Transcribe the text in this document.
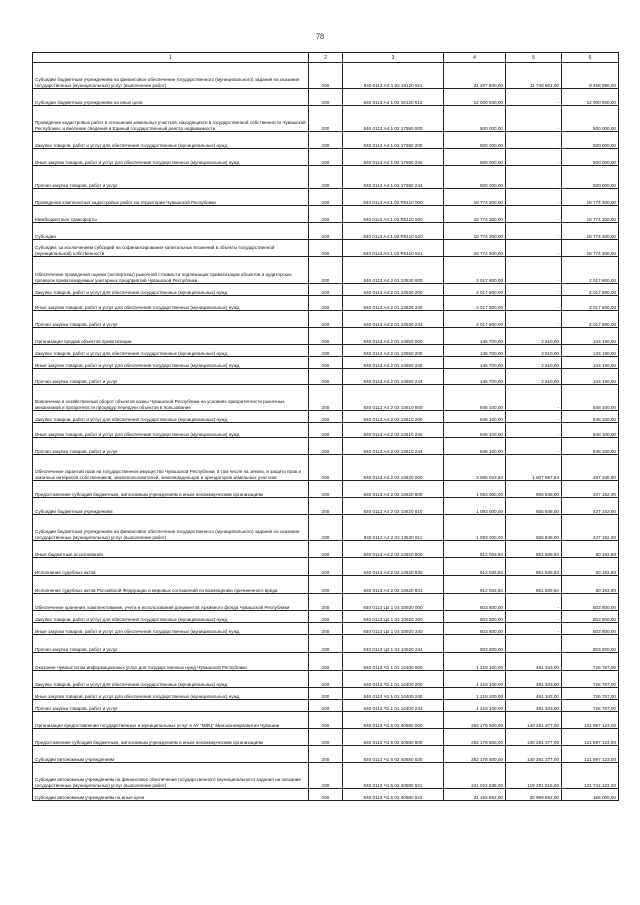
78
1	2	3	4	5	6
Субсидии бюджетным учреждениям на финансовое обеспечение государственного (муниципального) задания на оказание государственных (муниципальных) услуг (выполнение работ)	200	840 0113 А4 1 02 18120 611	21 207 800,00	11 748 601,00	9 458 998,00
Субсидии бюджетным учреждениям на иные цели	200	840 0113 А4 1 02 18120 612	12 000 000,00	-	12 000 000,00
Проведение кадастровых работ в отношении земельных участков, находящихся в государственной собственности Чувашской Республики, и внесение сведений в Единый государственный реестр недвижимости	200	840 0113 А4 1 02 17590 000	500 000,00	-	500 000,00
Закупка товаров, работ и услуг для обеспечения государственных (муниципальных) нужд	200	840 0113 А4 1 02 17590 200	500 000,00	-	500 000,00
Иные закупки товаров, работ и услуг для обеспечения государственных (муниципальных) нужд	200	840 0113 А4 1 02 17590 240	500 000,00	-	500 000,00
Прочая закупка товаров, работ и услуг	200	840 0113 А4 1 02 17590 244	500 000,00	-	500 000,00
Проведение комплексных кадастровых работ на территории Чувашской Республики	200	840 0113 А4 1 02 R5110 000	18 774 300,00	-	18 774 300,00
Межбюджетные трансферты	200	840 0113 А4 1 02 R5110 500	18 774 300,00	-	18 774 300,00
Субсидии	200	840 0113 А4 1 02 R5110 520	18 774 300,00	-	18 774 300,00
Субсидии, за исключением субсидий на софинансирование капитальных вложений в объекты государственной (муниципальной) собственности	200	840 0113 А4 1 02 R5110 521	18 774 300,00	-	18 774 300,00
Обеспечение проведения оценки (экспертизы) рыночной стоимости подлежащих приватизации объектов и аудиторских проверок приватизируемых унитарных предприятий Чувашской Республики	200	840 0113 А4 2 01 13530 000	2 017 800,00	-	2 017 800,00
Закупка товаров, работ и услуг для обеспечения государственных (муниципальных) нужд	200	840 0113 А4 2 01 13530 200	2 017 800,00	-	2 017 800,00
Иные закупки товаров, работ и услуг для обеспечения государственных (муниципальных) нужд	200	840 0113 А4 2 01 13530 240	2 017 800,00	-	2 017 800,00
Прочая закупка товаров, работ и услуг	200	840 0113 А4 2 01 13530 244	2 017 800,00	-	2 017 800,00
Организация продаж объектов приватизации	200	840 0113 А4 2 01 13550 000	136 700,00	3 510,00	133 190,00
Закупка товаров, работ и услуг для обеспечения государственных (муниципальных) нужд	200	840 0113 А4 2 01 13550 200	136 700,00	3 510,00	133 190,00
Иные закупки товаров, работ и услуг для обеспечения государственных (муниципальных) нужд	200	840 0113 А4 2 01 13550 240	136 700,00	3 510,00	133 190,00
Прочая закупка товаров, работ и услуг	200	840 0113 А4 2 01 13550 244	136 700,00	3 510,00	133 190,00
Вовлечение в хозяйственный оборот объектов казны Чувашской Республики на условиях приоритетности рыночных механизмов и прозрачности процедур передачи объектов в пользование	200	840 0113 А4 2 02 13610 000	848 100,00	-	848 100,00
Закупка товаров, работ и услуг для обеспечения государственных (муниципальных) нужд	200	840 0113 А4 2 02 13610 200	848 100,00	-	848 100,00
Иные закупки товаров, работ и услуг для обеспечения государственных (муниципальных) нужд	200	840 0113 А4 2 02 13610 240	848 100,00	-	848 100,00
Прочая закупка товаров, работ и услуг	200	840 0113 А4 2 02 13610 244	848 100,00	-	848 100,00
Обеспечение гарантий прав на государственное имущество Чувашской Республики, в том числе на землю, и защита прав и законных интересов собственников, землепользователей, землевладельцев и арендаторов земельных участков	200	840 0113 А4 2 02 13620 000	2 005 033,84	1 507 687,84	497 345,80
Предоставление субсидий бюджетным, автономным учреждениям и иным некоммерческим организациям	200	840 0113 А4 2 02 13620 600	1 093 000,00	655 848,00	437 152,00
Субсидии бюджетным учреждениям	200	840 0113 А4 2 02 13620 610	1 093 000,00	655 848,00	437 152,00
Субсидии бюджетным учреждениям на финансовое обеспечение государственного (муниципального) задания на оказание государственных (муниципальных) услуг (выполнение работ)	200	840 0113 А4 2 02 13620 611	1 093 000,00	655 848,00	437 152,00
Иные бюджетные ассигнования	200	840 0113 А4 2 02 13620 800	912 033,84	851 839,84	60 193,80
Исполнение судебных актов	200	840 0113 А4 2 02 13620 830	912 033,84	851 839,84	60 193,80
Исполнение судебных актов Российской Федерации и мировых соглашений по возмещению причиненного вреда	200	840 0113 А4 2 02 13620 831	912 033,84	851 839,84	60 193,80
Обеспечение хранения, комплектования, учета и использования документов Архивного фонда Чувашской Республики	200	840 0113 Ц4 1 04 10920 000	803 800,00	-	803 800,00
Закупка товаров, работ и услуг для обеспечения государственных (муниципальных) нужд	200	840 0113 Ц4 1 04 10920 200	803 800,00	-	803 800,00
Иные закупки товаров, работ и услуг для обеспечения государственных (муниципальных) нужд	200	840 0113 Ц4 1 04 10920 240	803 800,00	-	803 800,00
Прочая закупка товаров, работ и услуг	200	840 0113 Ц4 1 04 10920 244	803 800,00	-	803 800,00
Оказание Чувашстатом информационных услуг для государственных нужд Чувашской Республики	200	840 0113 Ч1 1 01 14400 000	1 218 100,00	491 343,00	726 757,00
Закупка товаров, работ и услуг для обеспечения государственных (муниципальных) нужд	200	840 0113 Ч1 1 01 14400 200	1 218 100,00	491 343,00	726 757,00
Иные закупки товаров, работ и услуг для обеспечения государственных (муниципальных) нужд	200	840 0113 Ч1 1 01 14400 240	1 218 100,00	491 343,00	726 757,00
Прочая закупка товаров, работ и услуг	200	840 0113 Ч1 1 01 14400 244	1 218 100,00	491 343,00	726 757,00
Организация предоставления государственных и муниципальных услуг в АУ "МФЦ" Минэкономразвития Чувашии	200	840 0113 Ч1 5 02 40580 000	262 178 500,00	140 281 377,00	121 897 123,00
Предоставление субсидий бюджетным, автономным учреждениям и иным некоммерческим организациям	200	840 0113 Ч1 5 02 40580 600	262 178 500,00	140 281 377,00	121 897 123,00
Субсидии автономным учреждениям	200	840 0113 Ч1 5 02 40580 620	262 178 500,00	140 281 377,00	121 897 123,00
Субсидии автономным учреждениям на финансовое обеспечение государственного (муниципального) задания на оказание государственных (муниципальных) услуг (выполнение работ)	200	840 0113 Ч1 5 02 40580 621	241 022 638,00	119 281 515,00	121 741 123,00
Субсидии автономным учреждениям на иные цели	200	840 0113 Ч1 5 02 40580 622	21 155 862,00	20 999 862,00	156 000,00
